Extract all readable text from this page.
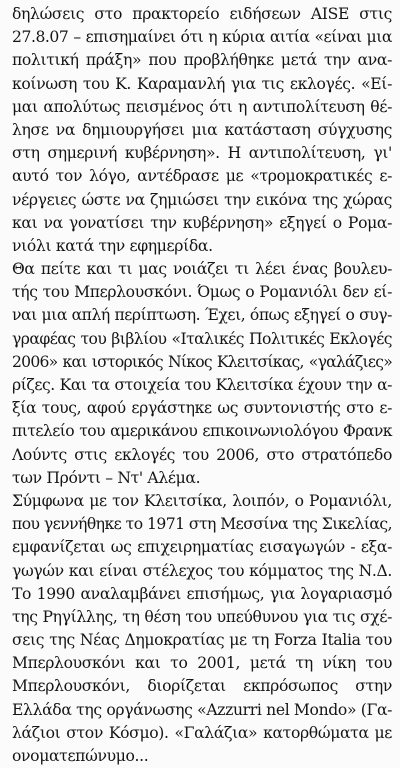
δηλώσεις στο πρακτορείο ειδήσεων AISE στις
27.8.07 – επισημαίνει ότι η κύρια αιτία «είναι μια
πολιτική πράξη» που προβλήθηκε μετά την ανα-
κοίνωση του Κ. Καραμανλή για τις εκλογές. «Εί-
μαι απολύτως πεισμένος ότι η αντιπολίτευση θέ-
λησε να δημιουργήσει μια κατάσταση σύγχυσης
στη σημερινή κυβέρνηση». Η αντιπολίτευση, γι'
αυτό τον λόγο, αντέδρασε με «τρομοκρατικές ε-
νέργειες ώστε να ζημιώσει την εικόνα της χώρας
και να γονατίσει την κυβέρνηση» εξηγεί ο Ρομα-
νιόλι κατά την εφημερίδα.
Θα πείτε και τι μας νοιάζει τι λέει ένας βουλευ-
τής του Μπερλουσκόνι. Όμως ο Ρομανιόλι δεν εί-
ναι μια απλή περίπτωση. Έχει, όπως εξηγεί ο συγ-
γραφέας του βιβλίου «Ιταλικές Πολιτικές Εκλογές
2006» και ιστορικός Νίκος Κλειτσίκας, «γαλάζιες»
ρίζες. Και τα στοιχεία του Κλειτσίκα έχουν την α-
ξία τους, αφού εργάστηκε ως συντονιστής στο ε-
πιτελείο του αμερικάνου επικοινωνιολόγου Φρανκ
Λούντς στις εκλογές του 2006, στο στρατόπεδο
των Πρόντι – Ντ' Αλέμα.
Σύμφωνα με τον Κλειτσίκα, λοιπόν, ο Ρομανιόλι,
που γεννήθηκε το 1971 στη Μεσσίνα της Σικελίας,
εμφανίζεται ως επιχειρηματίας εισαγωγών - εξα-
γωγών και είναι στέλεχος του κόμματος της Ν.Δ.
Το 1990 αναλαμβάνει επισήμως, για λογαριασμό
της Ρηγίλλης, τη θέση του υπεύθυνου για τις σχέ-
σεις της Νέας Δημοκρατίας με τη Forza Italia του
Μπερλουσκόνι και το 2001, μετά τη νίκη του
Μπερλουσκόνι, διορίζεται εκπρόσωπος στην
Ελλάδα της οργάνωσης «Azzurri nel Mondo» (Γα-
λάζιοι στον Κόσμο). «Γαλάζια» κατορθώματα με
ονοματεπώνυμο...
